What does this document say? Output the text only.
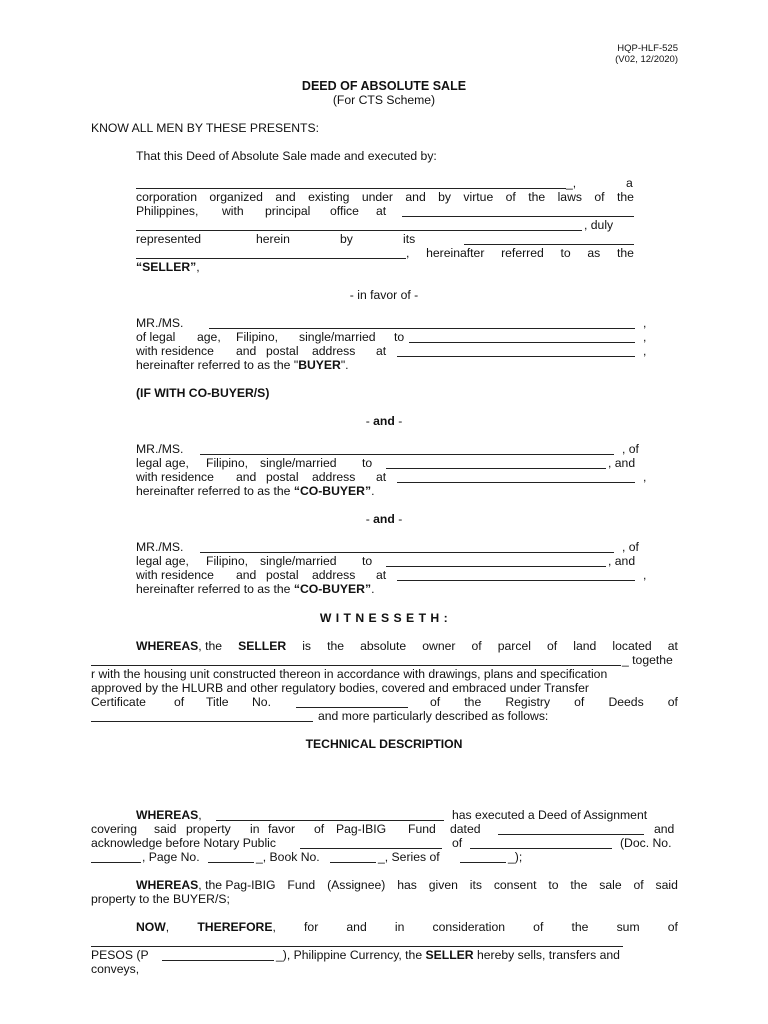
HQP-HLF-525
(V02, 12/2020)
DEED OF ABSOLUTE SALE
(For CTS Scheme)
KNOW ALL MEN BY THESE PRESENTS:
That this Deed of Absolute Sale made and executed by:
_,	a
corporation organized and existing under and by virtue of the laws of the
Philippines, with principal office at
, duly
represented	herein	by	its
, hereinafter referred to as the
“SELLER”,
- in favor of -
MR./MS.	,
of legal age, Filipino, single/married to	,
with residence and postal address at	,
hereinafter referred to as the "BUYER".
(IF WITH CO-BUYER/S)
- and -
MR./MS.	, of
legal age, Filipino, single/married to	, and
with residence and postal address at	,
hereinafter referred to as the “CO-BUYER”.
- and -
MR./MS.	, of
legal age, Filipino, single/married to	, and
with residence and postal address at	,
hereinafter referred to as the “CO-BUYER”.
W I T N E S S E T H :
WHEREAS, the SELLER is the absolute owner of parcel of land located at
_ togethe
r with the housing unit constructed thereon in accordance with drawings, plans and specification
approved by the HLURB and other regulatory bodies, covered and embraced under Transfer
Certificate of Title No.	of the Registry of Deeds of
and more particularly described as follows:
TECHNICAL DESCRIPTION
WHEREAS,	has executed a Deed of Assignment
covering said property in favor of Pag-IBIG Fund dated	and
acknowledge before Notary Public	of	(Doc. No.
, Page No.	_, Book No.	_, Series of	_);
WHEREAS, the Pag-IBIG Fund (Assignee) has given its consent to the sale of said
property to the BUYER/S;
NOW, THEREFORE, for and in consideration of the sum of
PESOS (P	_), Philippine Currency, the SELLER hereby sells, transfers and
conveys,
